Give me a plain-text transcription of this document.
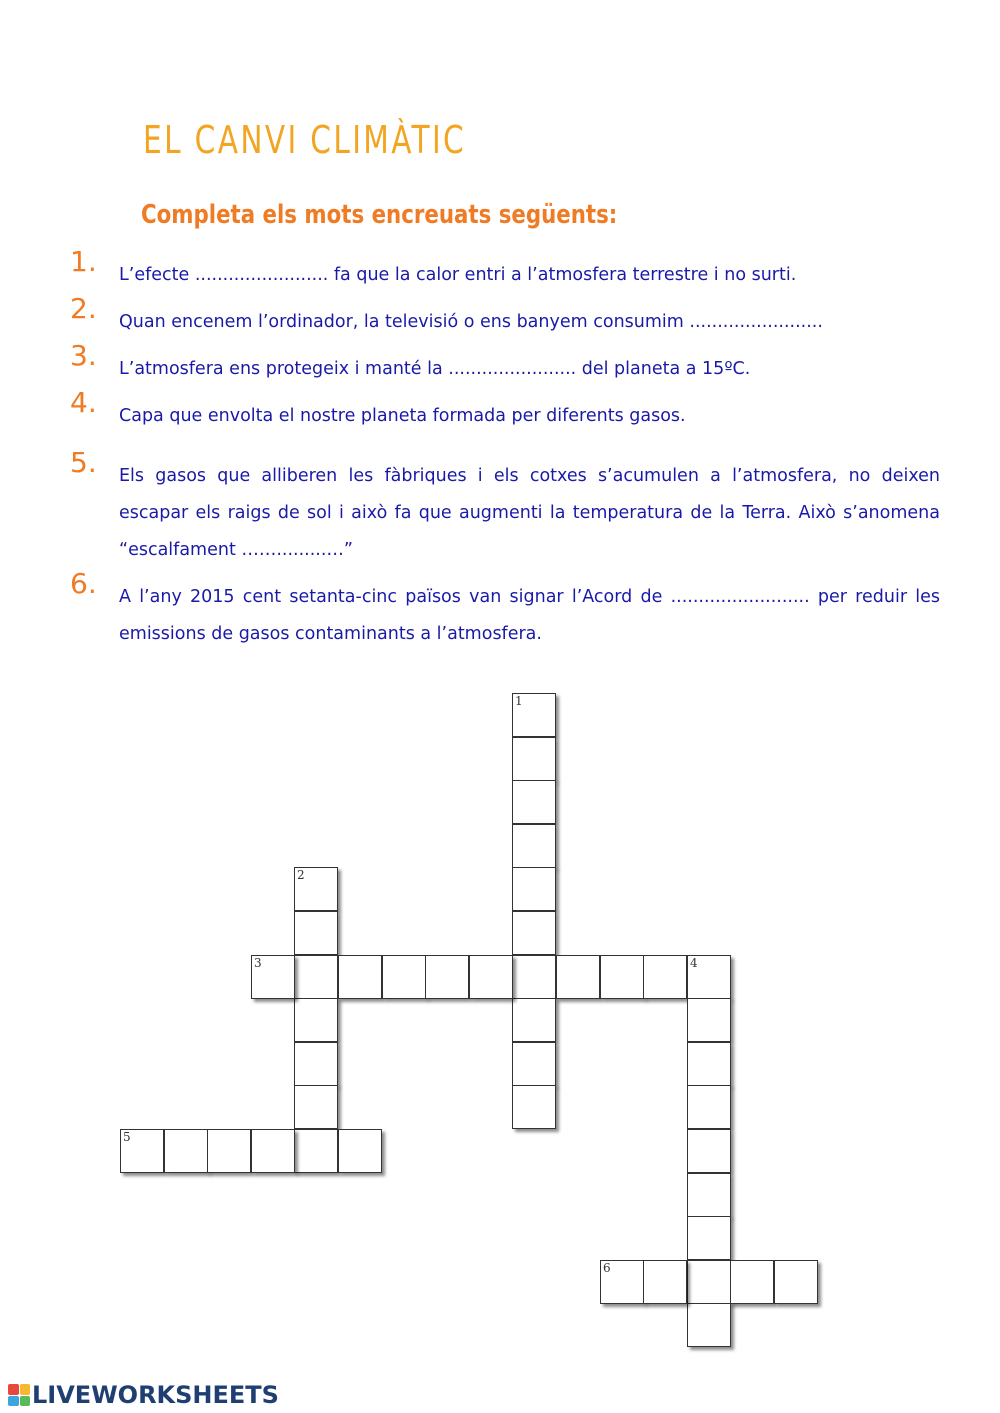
EL CANVI CLIMÀTIC
Completa els mots encreuats següents:
1. L’efecte ........................ fa que la calor entri a l’atmosfera terrestre i no surti.

2. Quan encenem l’ordinador, la televisió o ens banyem consumim ........................

3. L’atmosfera ens protegeix i manté la ....................... del planeta a 15ºC.

4. Capa que envolta el nostre planeta formada per diferents gasos.

5. Els gasos que alliberen les fàbriques i els cotxes s’acumulen a l’atmosfera, no deixen escapar els raigs de sol i això fa que augmenti la temperatura de la Terra. Això s’anomena “escalfament …….........…”

6. A l’any 2015 cent setanta-cinc països van signar l’Acord de ......................... per reduir les emissions de gasos contaminants a l’atmosfera.

1
2
3	4
5
6
LIVEWORKSHEETS
